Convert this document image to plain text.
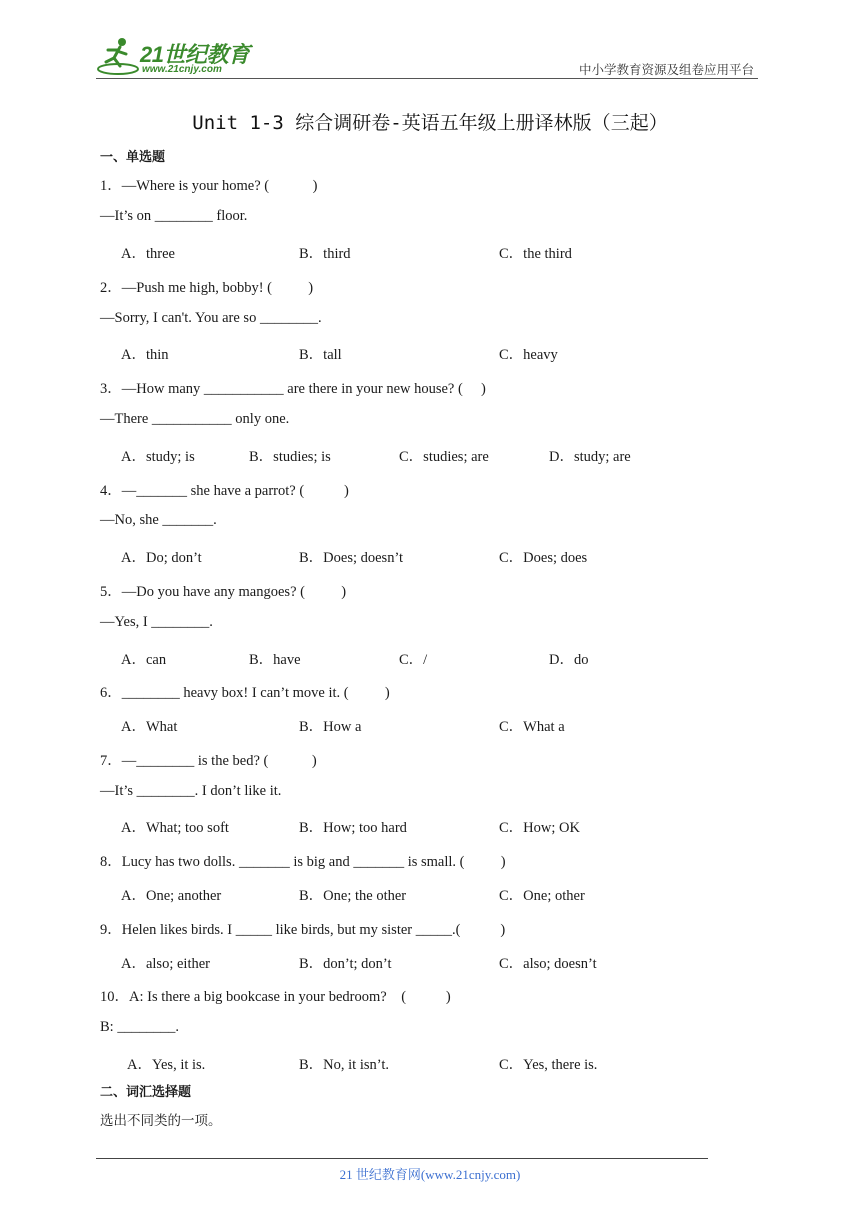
21世纪教育
www.21cnjy.com	中小学教育资源及组卷应用平台
Unit 1-3 综合调研卷-英语五年级上册译林版（三起）
一、单选题
1．—Where is your home? (            )
—It’s on ________ floor.
A．three	B．third	C．the third
2．—Push me high, bobby! (          )
—Sorry, I can't. You are so ________.
A．thin	B．tall	C．heavy
3．—How many ___________ are there in your new house? (     )
—There ___________ only one.
A．study; is	B．studies; is	C．studies; are	D．study; are
4．—_______ she have a parrot? (           )
—No, she _______.
A．Do; don’t	B．Does; doesn’t	C．Does; does
5．—Do you have any mangoes? (          )
—Yes, I ________.
A．can	B．have	C．/	D．do
6．________ heavy box! I can’t move it. (          )
A．What	B．How a	C．What a
7．—________ is the bed? (            )
—It’s ________. I don’t like it.
A．What; too soft	B．How; too hard	C．How; OK
8．Lucy has two dolls. _______ is big and _______ is small. (          )
A．One; another	B．One; the other	C．One; other
9．Helen likes birds. I _____ like birds, but my sister _____.(           )
A．also; either	B．don’t; don’t	C．also; doesn’t
10．A: Is there a big bookcase in your bedroom?    (           )
B: ________.
A．Yes, it is.	B．No, it isn’t.	C．Yes, there is.
二、词汇选择题
选出不同类的一项。
21 世纪教育网(www.21cnjy.com)
